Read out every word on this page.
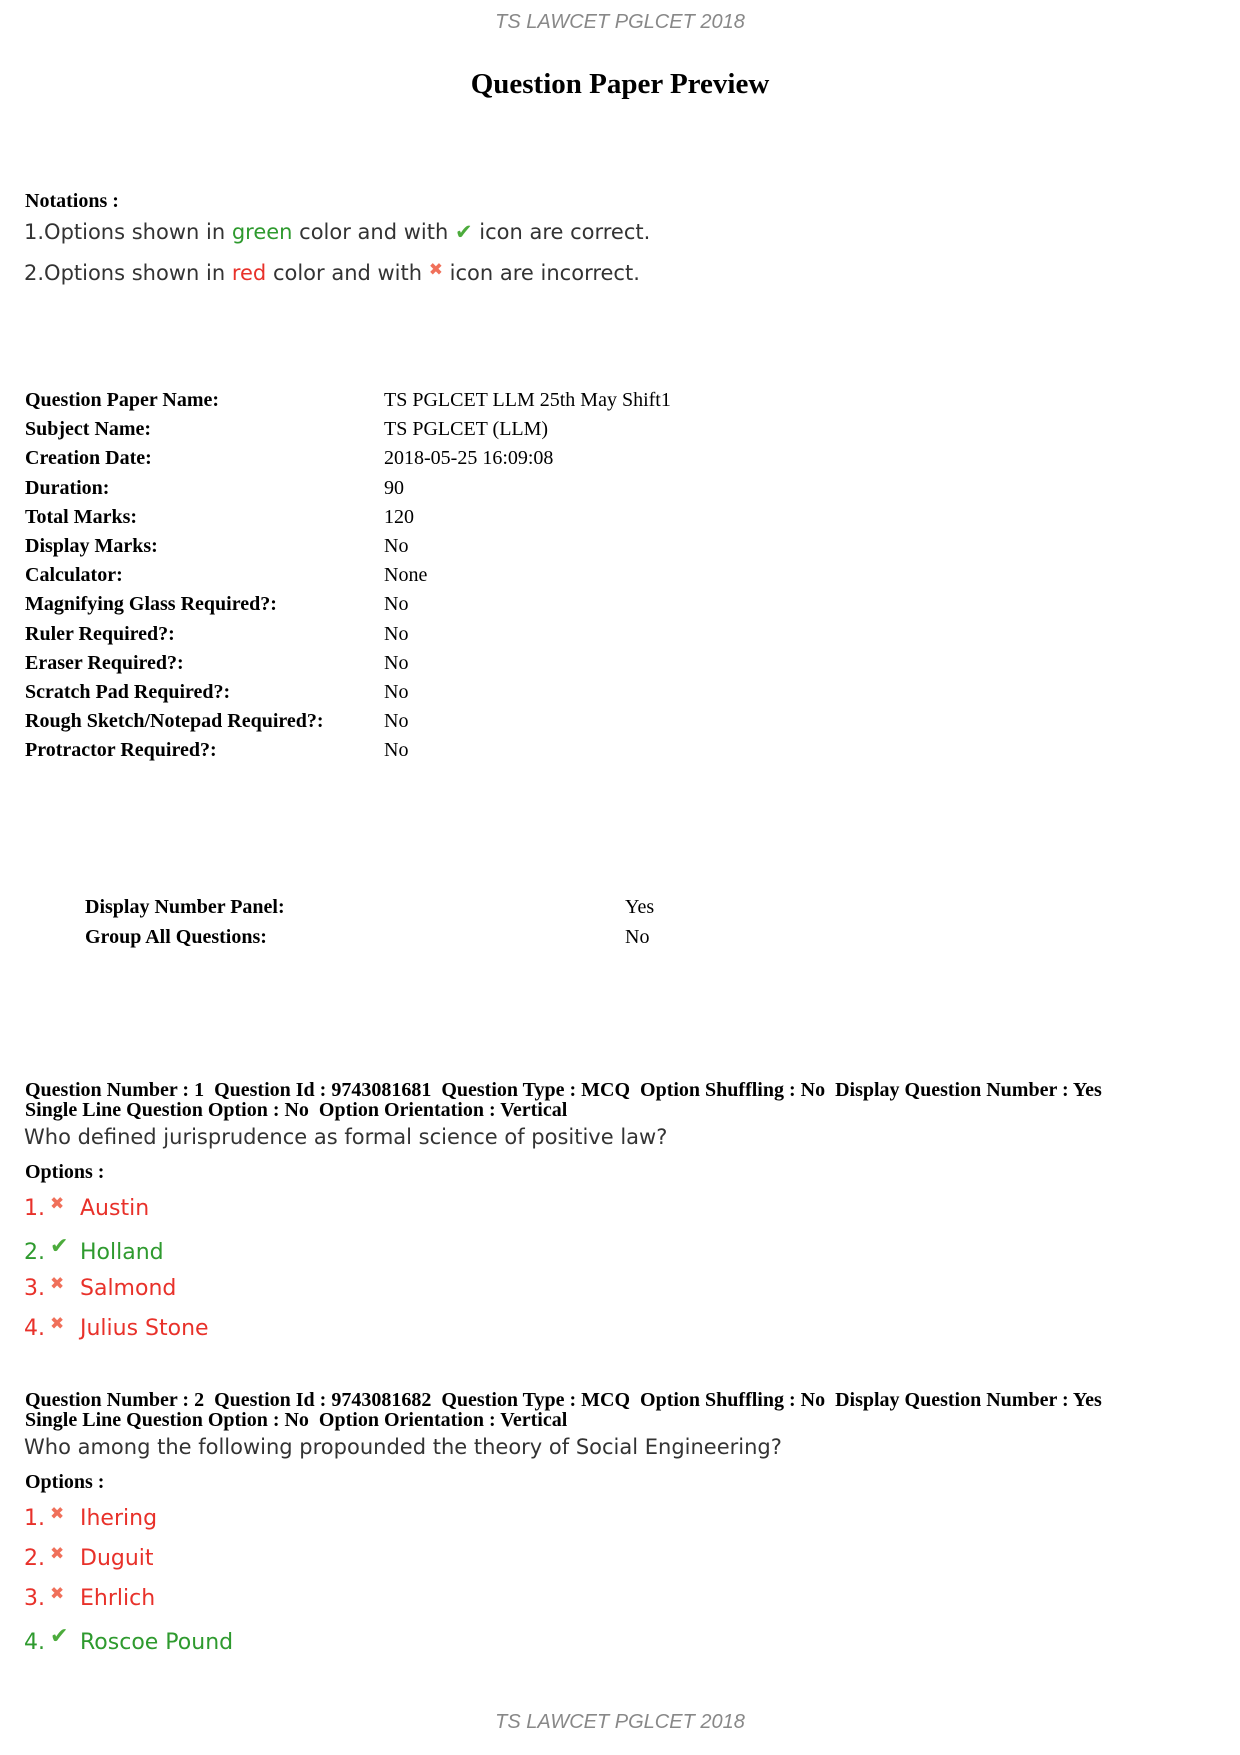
TS LAWCET PGLCET 2018
Question Paper Preview
Notations :
1.Options shown in green color and with ✔ icon are correct.
2.Options shown in red color and with ✖ icon are incorrect.
Question Paper Name:	TS PGLCET LLM 25th May Shift1
Subject Name:	TS PGLCET (LLM)
Creation Date:	2018-05-25 16:09:08
Duration:	90
Total Marks:	120
Display Marks:	No
Calculator:	None
Magnifying Glass Required?:	No
Ruler Required?:	No
Eraser Required?:	No
Scratch Pad Required?:	No
Rough Sketch/Notepad Required?:	No
Protractor Required?:	No
Display Number Panel:	Yes
Group All Questions:	No
Question Number : 1  Question Id : 9743081681  Question Type : MCQ  Option Shuffling : No  Display Question Number : Yes
Single Line Question Option : No  Option Orientation : Vertical
Who defined jurisprudence as formal science of positive law?
Options :
1. ✖ Austin
2. ✔ Holland
3. ✖ Salmond
4. ✖ Julius Stone
Question Number : 2  Question Id : 9743081682  Question Type : MCQ  Option Shuffling : No  Display Question Number : Yes
Single Line Question Option : No  Option Orientation : Vertical
Who among the following propounded the theory of Social Engineering?
Options :
1. ✖ Ihering
2. ✖ Duguit
3. ✖ Ehrlich
4. ✔ Roscoe Pound
TS LAWCET PGLCET 2018
